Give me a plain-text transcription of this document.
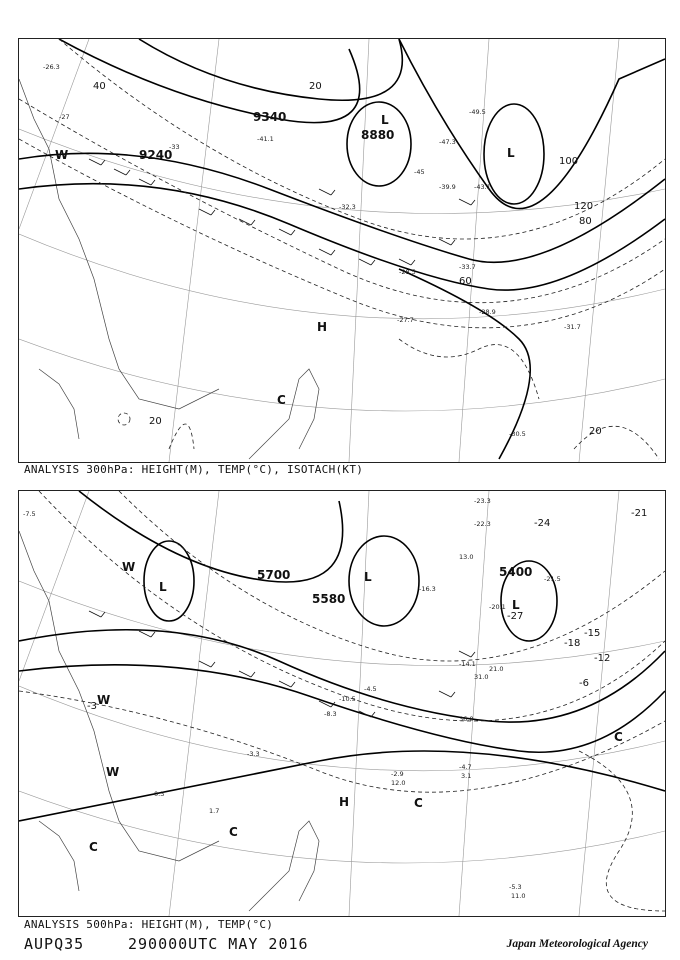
9240
9340
8880
40	20
60
80
100
120
20
20
L
L
H
W
C
-26.3
-27
-33
-41.1
-45
-49.5
-47.3
-32.3
-28.5
-27.7
-28.9
-30.5
-31.7
-33.7
-39.9	-43.1
ANALYSIS 300hPa: HEIGHT(M), TEMP(°C), ISOTACH(KT)
5700
5580
5400
-15
-12
-6
-18
-21
-24
-27
-3
L
L
L
H
W
W
W
C
C
C
C
-7.5
-4.7
-5.3
-2.9
-3.3
-16.3
-14.1
-21.5
-20.1
-23.3
-22.3
-10.5
-8.3
-4.5
3.1
11.0
12.0
1.7
0.3
13.0
21.0
31.0
36.0
ANALYSIS 500hPa: HEIGHT(M), TEMP(°C)
AUPQ35	290000UTC MAY 2016	Japan Meteorological Agency
